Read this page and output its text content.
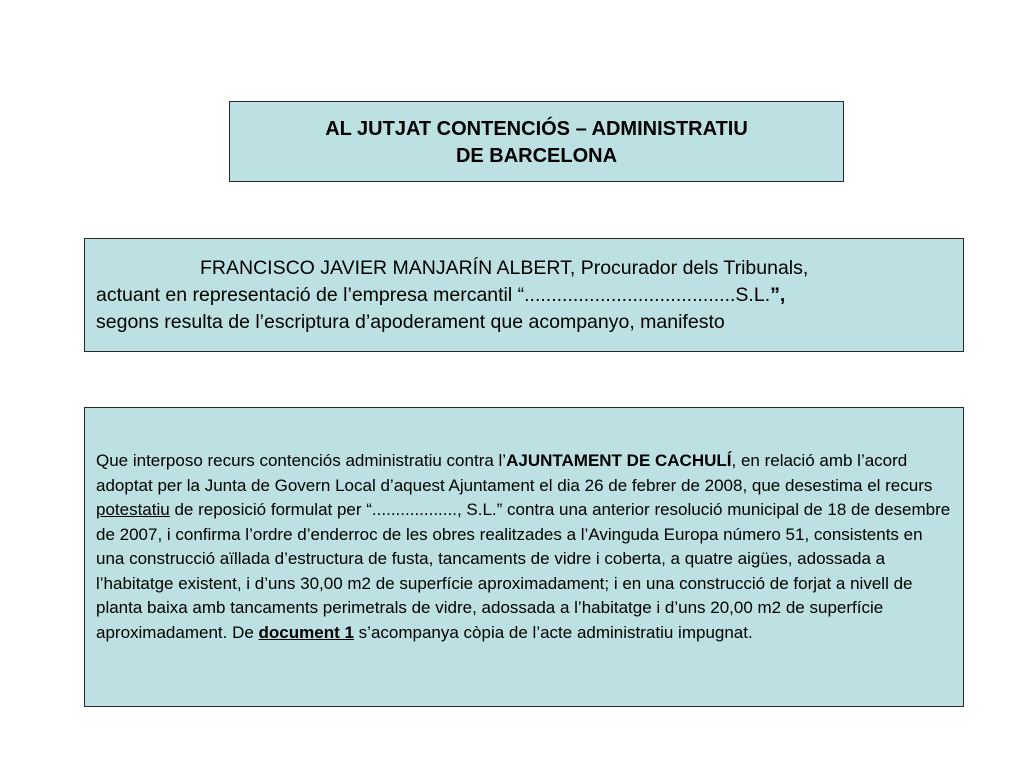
AL JUTJAT CONTENCIÓS – ADMINISTRATIU
DE BARCELONA
FRANCISCO JAVIER MANJARÍN ALBERT, Procurador dels Tribunals,
actuant en representació de l’empresa mercantil “.......................................S.L.”,
segons resulta de l’escriptura d’apoderament que acompanyo, manifesto
Que interposo recurs contenciós administratiu contra l’AJUNTAMENT DE CACHULÍ, en relació amb l’acord adoptat per la Junta de Govern Local d’aquest Ajuntament el dia 26 de febrer de 2008, que desestima el recurs potestatiu de reposició formulat per “.................., S.L.” contra una anterior resolució municipal de 18 de desembre de 2007, i confirma l’ordre d’enderroc de les obres realitzades a l’Avinguda Europa número 51, consistents en una construcció aïllada d’estructura de fusta, tancaments de vidre i coberta, a quatre aigües, adossada a l’habitatge existent, i d’uns 30,00 m2 de superfície aproximadament; i en una construcció de forjat a nivell de planta baixa amb tancaments perimetrals de vidre, adossada a l’habitatge i d’uns 20,00 m2 de superfície aproximadament. De document 1 s’acompanya còpia de l’acte administratiu impugnat.
